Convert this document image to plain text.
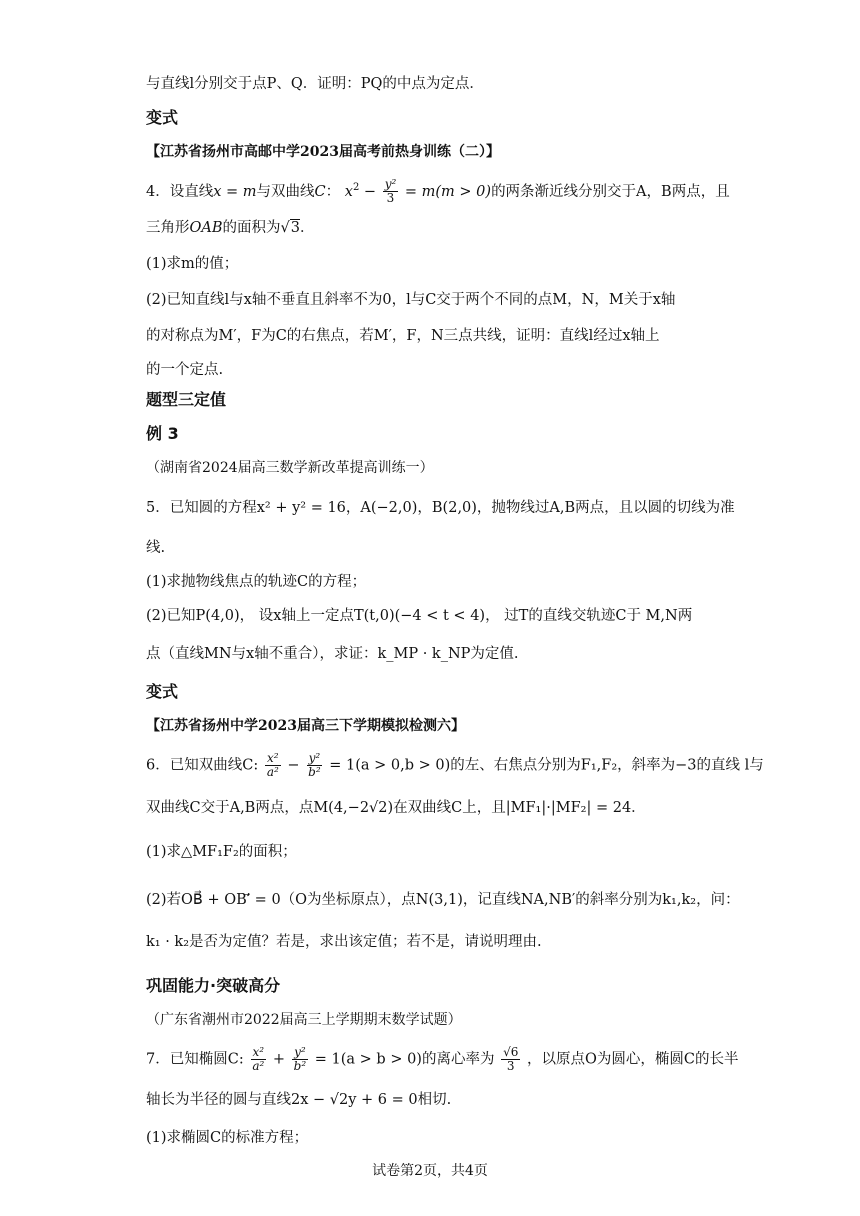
与直线l分别交于点P、Q．证明：PQ的中点为定点．
变式
【江苏省扬州市高邮中学2023届高考前热身训练（二）】
4．设直线x = m与双曲线C： $x^2 - \frac{\text{y²}}{3} = m(m > 0)$的两条渐近线分别交于A，B两点，且
三角形OAB的面积为√3．
(1)求m的值；
(2)已知直线l与x轴不垂直且斜率不为0，l与C交于两个不同的点M，N，M关于x轴
的对称点为M′，F为C的右焦点，若M′，F，N三点共线，证明：直线l经过x轴上
的一个定点.
题型三定值
例 3
（湖南省2024届高三数学新改革提高训练一）
5．已知圆的方程x² + y² = 16，A(−2,0)，B(2,0)，抛物线过A,B两点，且以圆的切线为准
线.
(1)求抛物线焦点的轨迹C的方程；
(2)已知P(4,0)， 设x轴上一定点T(t,0)(−4 < t < 4)， 过T的直线交轨迹C于 M,N两
点（直线MN与x轴不重合），求证：k_MP · k_NP为定值.
变式
【江苏省扬州中学2023届高三下学期模拟检测六】
6．已知双曲线C: $\frac{\text{x²}}{\text{a²}} - \frac{\text{y²}}{\text{b²}} = 1(a > 0,b > 0)$的左、右焦点分别为F₁,F₂，斜率为−3的直线 l与
双曲线C交于A,B两点，点M(4,−2√2)在双曲线C上，且|MF₁|·|MF₂| = 24．
(1)求△MF₁F₂的面积；
(2)若OB⃗ + OB′⃗ = 0（O为坐标原点），点N(3,1)，记直线NA,NB′的斜率分别为k₁,k₂，问：
k₁ · k₂是否为定值？若是，求出该定值；若不是，请说明理由.
巩固能力·突破高分
（广东省潮州市2022届高三上学期期末数学试题）
7．已知椭圆C: $\frac{\text{x²}}{\text{a²}} + \frac{\text{y²}}{\text{b²}} = 1(a > b > 0)$的离心率为 $\frac{√6}{3}$ ，以原点O为圆心，椭圆C的长半
轴长为半径的圆与直线2x − √2y + 6 = 0相切.
(1)求椭圆C的标准方程；
试卷第2页，共4页
